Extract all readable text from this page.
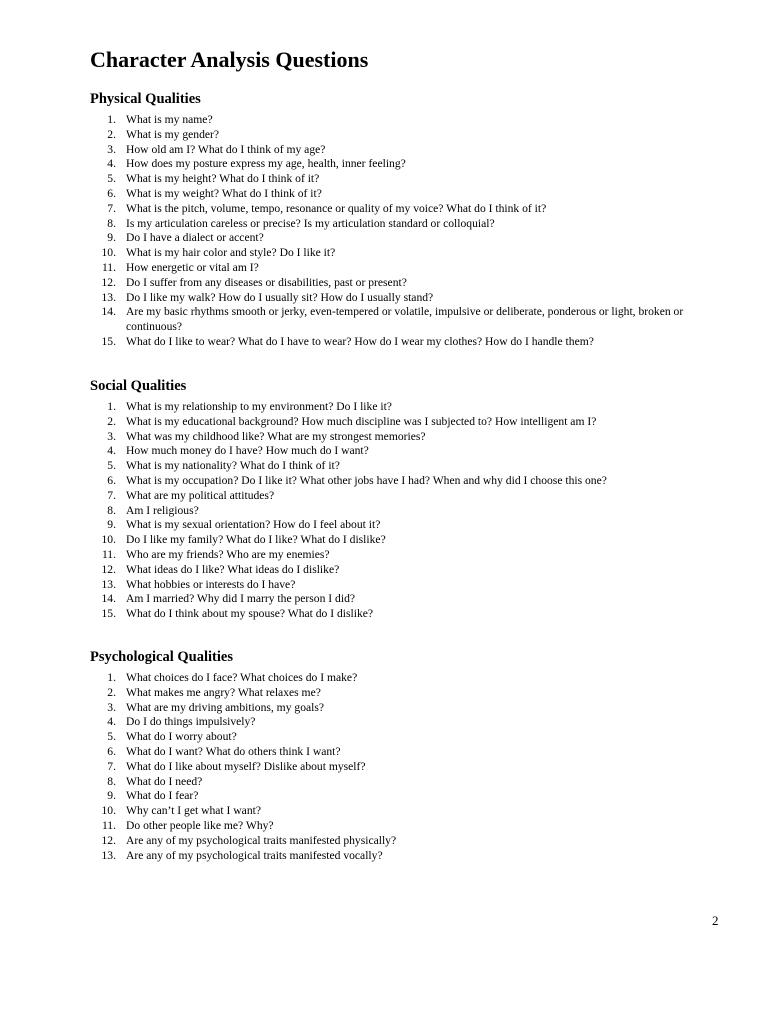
Character Analysis Questions
Physical Qualities
1. What is my name?
2. What is my gender?
3. How old am I? What do I think of my age?
4. How does my posture express my age, health, inner feeling?
5. What is my height? What do I think of it?
6. What is my weight? What do I think of it?
7. What is the pitch, volume, tempo, resonance or quality of my voice? What do I think of it?
8. Is my articulation careless or precise? Is my articulation standard or colloquial?
9. Do I have a dialect or accent?
10. What is my hair color and style? Do I like it?
11. How energetic or vital am I?
12. Do I suffer from any diseases or disabilities, past or present?
13. Do I like my walk? How do I usually sit? How do I usually stand?
14. Are my basic rhythms smooth or jerky, even-tempered or volatile, impulsive or deliberate, ponderous or light, broken or continuous?
15. What do I like to wear? What do I have to wear? How do I wear my clothes? How do I handle them?
Social Qualities
1. What is my relationship to my environment? Do I like it?
2. What is my educational background? How much discipline was I subjected to? How intelligent am I?
3. What was my childhood like? What are my strongest memories?
4. How much money do I have? How much do I want?
5. What is my nationality? What do I think of it?
6. What is my occupation? Do I like it? What other jobs have I had? When and why did I choose this one?
7. What are my political attitudes?
8. Am I religious?
9. What is my sexual orientation? How do I feel about it?
10. Do I like my family? What do I like? What do I dislike?
11. Who are my friends? Who are my enemies?
12. What ideas do I like? What ideas do I dislike?
13. What hobbies or interests do I have?
14. Am I married? Why did I marry the person I did?
15. What do I think about my spouse? What do I dislike?
Psychological Qualities
1. What choices do I face? What choices do I make?
2. What makes me angry? What relaxes me?
3. What are my driving ambitions, my goals?
4. Do I do things impulsively?
5. What do I worry about?
6. What do I want? What do others think I want?
7. What do I like about myself? Dislike about myself?
8. What do I need?
9. What do I fear?
10. Why can’t I get what I want?
11. Do other people like me? Why?
12. Are any of my psychological traits manifested physically?
13. Are any of my psychological traits manifested vocally?
2
